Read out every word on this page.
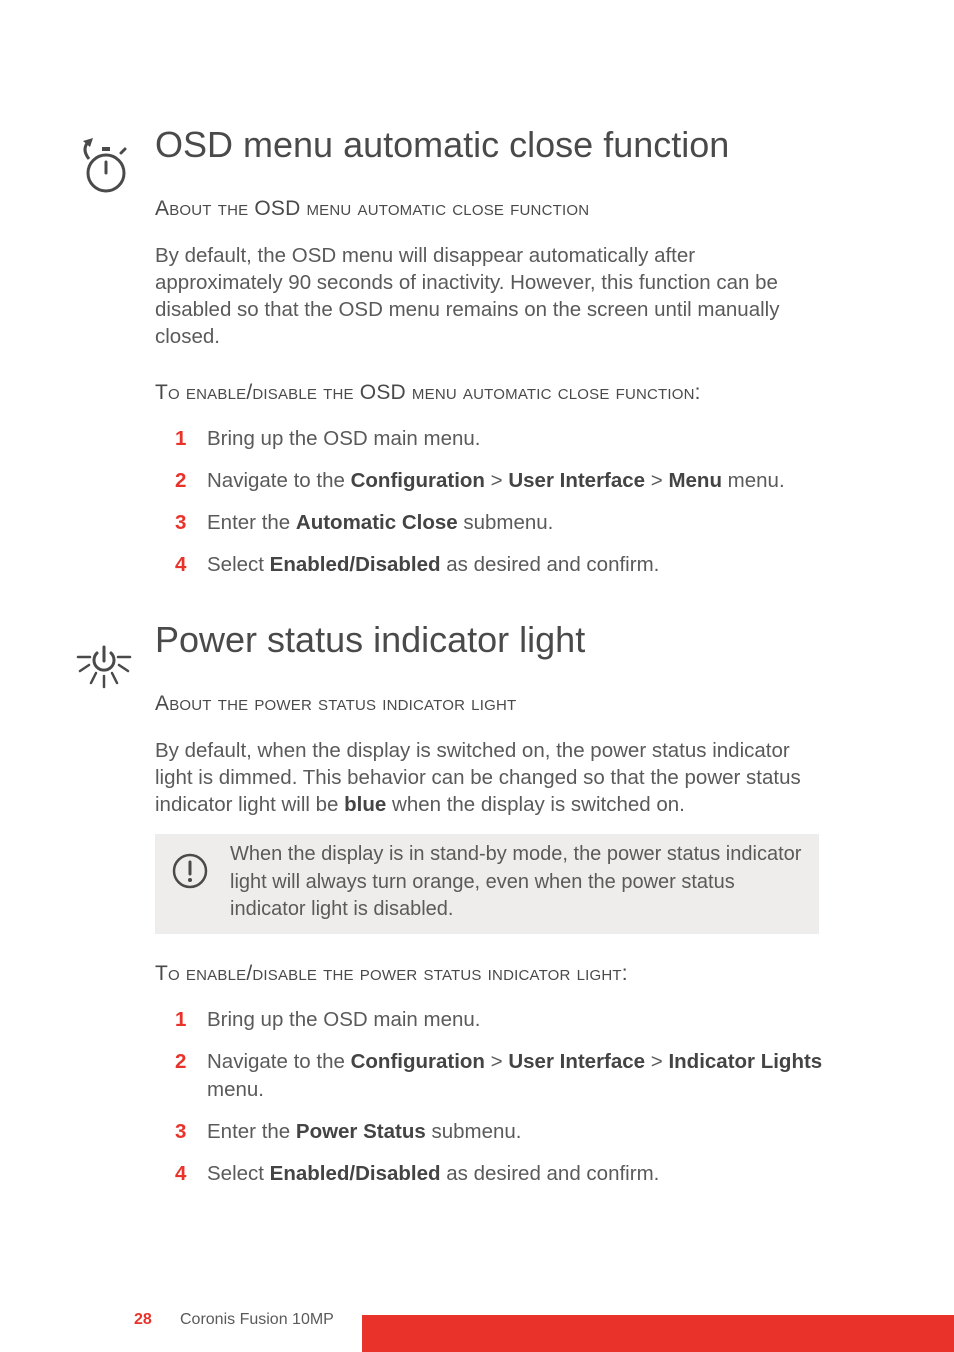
OSD menu automatic close function
About the OSD menu automatic close function

By default, the OSD menu will disappear automatically after approximately 90 seconds of inactivity. However, this function can be disabled so that the OSD menu remains on the screen until manually closed.

To enable/disable the OSD menu automatic close function:
1	Bring up the OSD main menu.
2	Navigate to the Configuration > User Interface > Menu menu.
3	Enter the Automatic Close submenu.
4	Select Enabled/Disabled as desired and confirm.
Power status indicator light
About the power status indicator light

By default, when the display is switched on, the power status indicator light is dimmed. This behavior can be changed so that the power status indicator light will be blue when the display is switched on.

When the display is in stand-by mode, the power status indicator light will always turn orange, even when the power status indicator light is disabled.

To enable/disable the power status indicator light:
1	Bring up the OSD main menu.
2	Navigate to the Configuration > User Interface > Indicator Lights menu.
3	Enter the Power Status submenu.
4	Select Enabled/Disabled as desired and confirm.
28 Coronis Fusion 10MP
